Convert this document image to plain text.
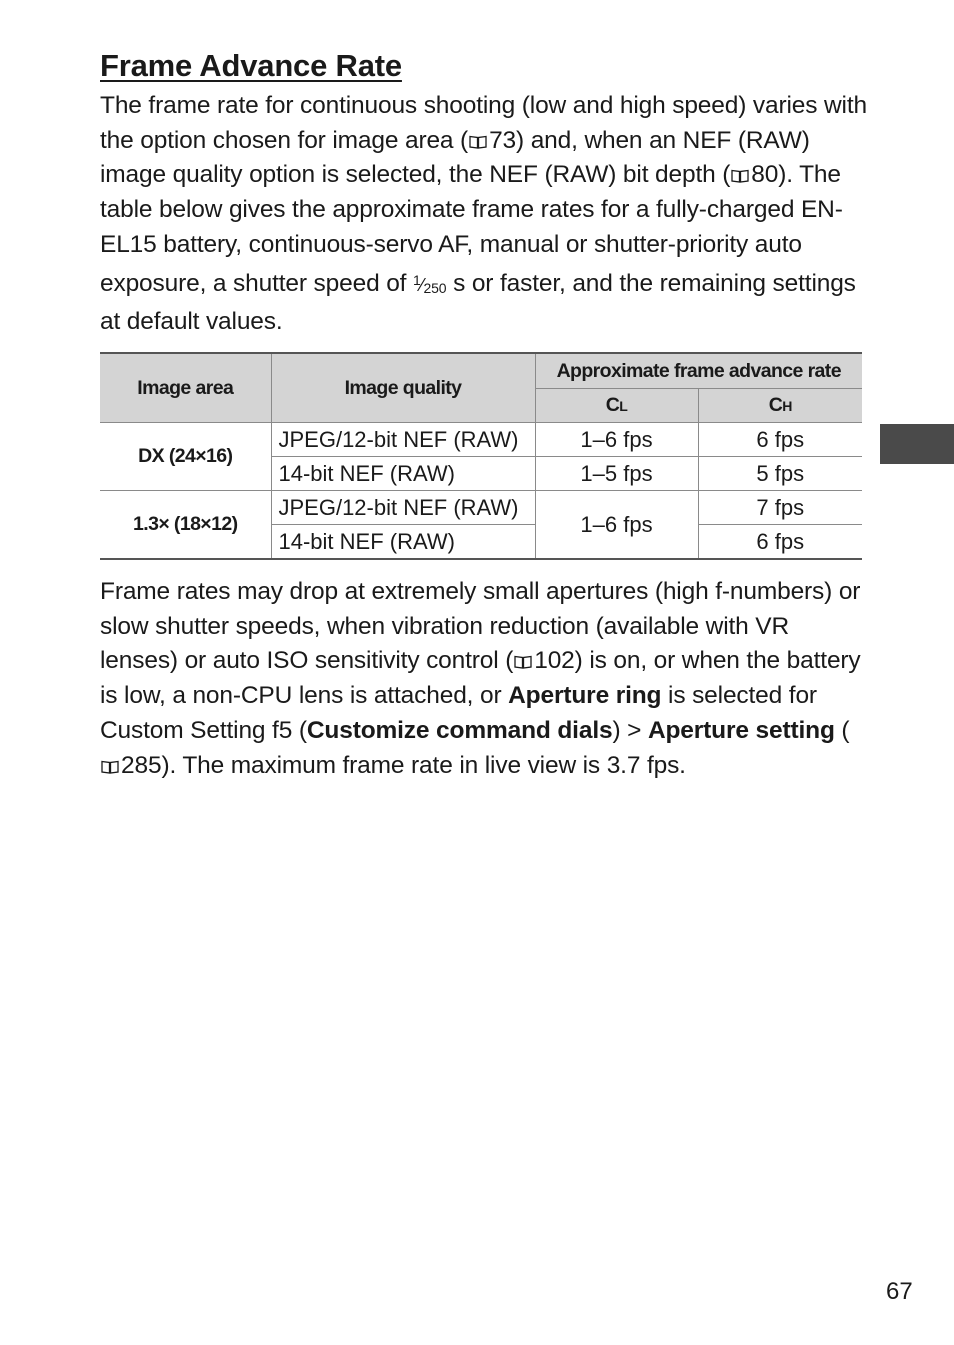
Frame Advance Rate

The frame rate for continuous shooting (low and high speed) varies with the option chosen for image area ( 73) and, when an NEF (RAW) image quality option is selected, the NEF (RAW) bit depth ( 80). The table below gives the approximate frame rates for a fully-charged EN-EL15 battery, continuous-servo AF, manual or shutter-priority auto exposure, a shutter speed of $^1⁄_{250}$ s or faster, and the remaining settings at default values.

Image area	Image quality	Approximate frame advance rate	
		CL	CH
DX (24×16)	JPEG/12-bit NEF (RAW)	1–6 fps	6 fps
	14-bit NEF (RAW)	1–5 fps	5 fps
1.3× (18×12)	JPEG/12-bit NEF (RAW)	1–6 fps	7 fps
	14-bit NEF (RAW)		6 fps

Frame rates may drop at extremely small apertures (high f-numbers) or slow shutter speeds, when vibration reduction (available with VR lenses) or auto ISO sensitivity control ( 102) is on, or when the battery is low, a non-CPU lens is attached, or Aperture ring is selected for Custom Setting f5 (Customize command dials) > Aperture setting (285). The maximum frame rate in live view is 3.7 fps.

67
